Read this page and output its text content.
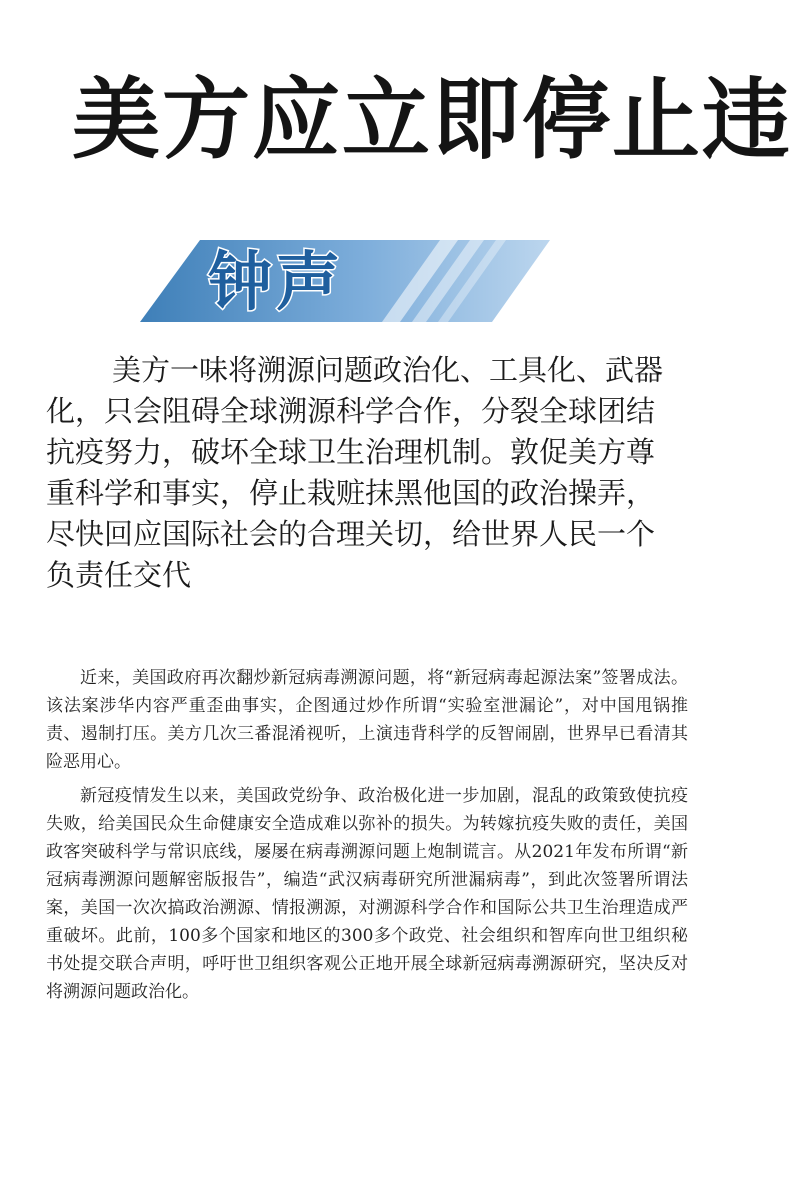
美方应立即停止违
钟声

美方一味将溯源问题政治化、工具化、武器化，只会阻碍全球溯源科学合作，分裂全球团结抗疫努力，破坏全球卫生治理机制。敦促美方尊重科学和事实，停止栽赃抹黑他国的政治操弄，尽快回应国际社会的合理关切，给世界人民一个负责任交代

近来，美国政府再次翻炒新冠病毒溯源问题，将“新冠病毒起源法案”签署成法。该法案涉华内容严重歪曲事实，企图通过炒作所谓“实验室泄漏论”，对中国甩锅推责、遏制打压。美方几次三番混淆视听，上演违背科学的反智闹剧，世界早已看清其险恶用心。

新冠疫情发生以来，美国政党纷争、政治极化进一步加剧，混乱的政策致使抗疫失败，给美国民众生命健康安全造成难以弥补的损失。为转嫁抗疫失败的责任，美国政客突破科学与常识底线，屡屡在病毒溯源问题上炮制谎言。从2021年发布所谓“新冠病毒溯源问题解密版报告”，编造“武汉病毒研究所泄漏病毒”，到此次签署所谓法案，美国一次次搞政治溯源、情报溯源，对溯源科学合作和国际公共卫生治理造成严重破坏。此前，100多个国家和地区的300多个政党、社会组织和智库向世卫组织秘书处提交联合声明，呼吁世卫组织客观公正地开展全球新冠病毒溯源研究，坚决反对将溯源问题政治化。
